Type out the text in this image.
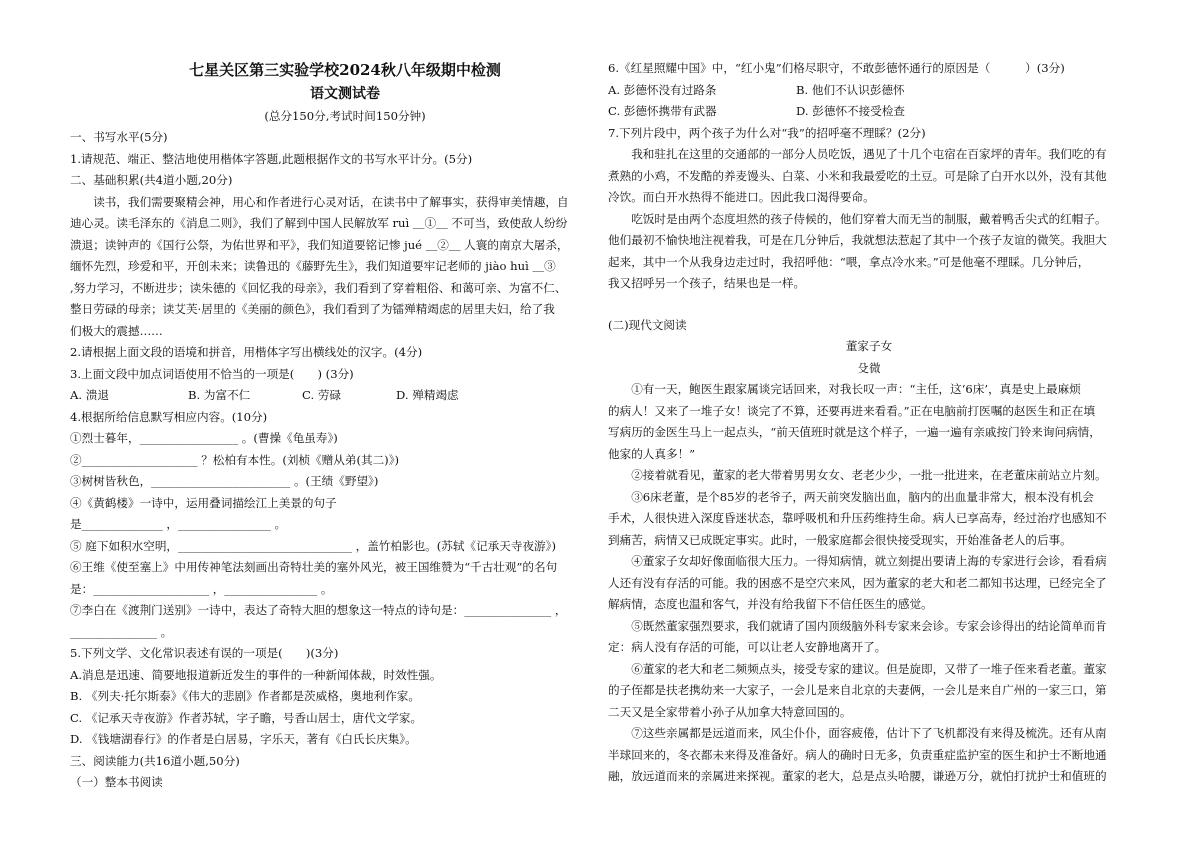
七星关区第三实验学校2024秋八年级期中检测
语文测试卷
(总分150分,考试时间150分钟)
一、书写水平(5分)
1.请规范、端正、整洁地使用楷体字答题,此题根据作文的书写水平计分。(5分)
二、基础积累(共4道小题,20分)
读书，我们需要聚精会神，用心和作者进行心灵对话，在读书中了解事实，获得审美情趣，自
迪心灵。读毛泽东的《消息二则》，我们了解到中国人民解放军 ruì ＿①＿ 不可当，致使敌人纷纷
溃退；读钟声的《国行公祭，为佑世界和平》，我们知道要铭记惨 jué ＿②＿ 人寰的南京大屠杀，
缅怀先烈，珍爱和平，开创未来；读鲁迅的《藤野先生》，我们知道要牢记老师的 jiào huì ＿③
,努力学习，不断进步；读朱德的《回忆我的母亲》，我们看到了穿着粗俗、和蔼可亲、为富不仁、
整日劳碌的母亲；读艾芙·居里的《美丽的颜色》，我们看到了为镭殚精竭虑的居里夫妇，给了我
们极大的震撼……
2.请根据上面文段的语境和拼音，用楷体字写出横线处的汉字。(4分)
3.上面文段中加点词语使用不恰当的一项是(　　) (3分)
A. 溃退	B. 为富不仁	C. 劳碌	D. 殚精竭虑
4.根据所给信息默写相应内容。(10分)
①烈士暮年，_________________ 。(曹操《龟虽寿》)
②____________________ ？松柏有本性。(刘桢《赠从弟(其二)》)
③树树皆秋色，________________________ 。(王绩《野望》)
④《黄鹤楼》一诗中，运用叠词描绘江上美景的句子
是______________ ，________________ 。
⑤ 庭下如积水空明，______________________________ ，盖竹柏影也。(苏轼《记承天寺夜游》)
⑥王维《使至塞上》中用传神笔法刻画出奇特壮美的塞外风光，被王国维赞为“千古壮观”的名句
是：____________________ ，________________ 。
⑦李白在《渡荆门送别》一诗中，表达了奇特大胆的想象这一特点的诗句是：_______________ ，
_______________ 。
5.下列文学、文化常识表述有误的一项是(　　)(3分)
A.消息是迅速、简要地报道新近发生的事件的一种新闻体裁，时效性强。
B. 《列夫·托尔斯泰》《伟大的悲剧》作者都是茨威格，奥地利作家。
C. 《记承天寺夜游》作者苏轼，字子瞻，号香山居士，唐代文学家。
D. 《钱塘湖春行》的作者是白居易，字乐天，著有《白氏长庆集》。
三、阅读能力(共16道小题,50分)
（一）整本书阅读
6.《红星照耀中国》中，“红小鬼”们格尽职守，不敢彭德怀通行的原因是（　　　）(3分)
A. 彭德怀没有过路条	B. 他们不认识彭德怀
C. 彭德怀携带有武器	D. 彭德怀不接受检查
7.下列片段中，两个孩子为什么对“我”的招呼毫不理睬？(2分)
我和驻扎在这里的交通部的一部分人员吃饭，遇见了十几个屯宿在百家坪的青年。我们吃的有
煮熟的小鸡，不发酷的养麦馒头、白菜、小米和我最爱吃的土豆。可是除了白开水以外，没有其他
冷饮。而白开水热得不能进口。因此我口渴得要命。
吃饭时是由两个态度坦然的孩子侍候的，他们穿着大而无当的制服，戴着鸭舌尖式的红帽子。
他们最初不愉快地注视着我，可是在几分钟后，我就想法惹起了其中一个孩子友谊的微笑。我胆大
起来，其中一个从我身边走过时，我招呼他：“喂，拿点冷水来。”可是他毫不理睬。几分钟后，
我又招呼另一个孩子，结果也是一样。
(二)现代文阅读
董家子女
殳微
①有一天，鲍医生跟家属谈完话回来，对我长叹一声：“主任，这‘6床’，真是史上最麻烦
的病人！又来了一堆子女！谈完了不算，还要再进来看看。”正在电脑前打医嘱的赵医生和正在填
写病历的金医生马上一起点头，“前天值班时就是这个样子，一遍一遍有亲戚按门铃来询问病情，
他家的人真多！”
②接着就看见，董家的老大带着男男女女、老老少少，一批一批进来，在老董床前站立片刻。
③6床老董，是个85岁的老爷子，两天前突发脑出血，脑内的出血量非常大，根本没有机会
手术，人很快进入深度昏迷状态，靠呼吸机和升压药维持生命。病人已享高寿，经过治疗也感知不
到痛苦，病情又已成既定事实。此时，一般家庭都会很快接受现实，开始准备老人的后事。
④董家子女却好像面临很大压力。一得知病情，就立刻提出要请上海的专家进行会诊，看看病
人还有没有存活的可能。我的困惑不是空穴来风，因为董家的老大和老二都知书达理，已经完全了
解病情，态度也温和客气，并没有给我留下不信任医生的感觉。
⑤既然董家强烈要求，我们就请了国内顶级脑外科专家来会诊。专家会诊得出的结论简单而肯
定：病人没有存活的可能，可以让老人安静地离开了。
⑥董家的老大和老二频频点头，接受专家的建议。但是旋即，又带了一堆子侄来看老董。董家
的子侄都是扶老携幼来一大家子，一会儿是来自北京的夫妻俩，一会儿是来自广州的一家三口，第
二天又是全家带着小孙子从加拿大特意回国的。
⑦这些亲属都是远道而来，风尘仆仆，面容疲倦，估计下了飞机都没有来得及梳洗。还有从南
半球回来的，冬衣都未来得及准备好。病人的确时日无多，负责重症监护室的医生和护士不断地通
融，放远道而来的亲属进来探视。董家的老大，总是点头哈腰，谦逊万分，就怕打扰护士和值班的
